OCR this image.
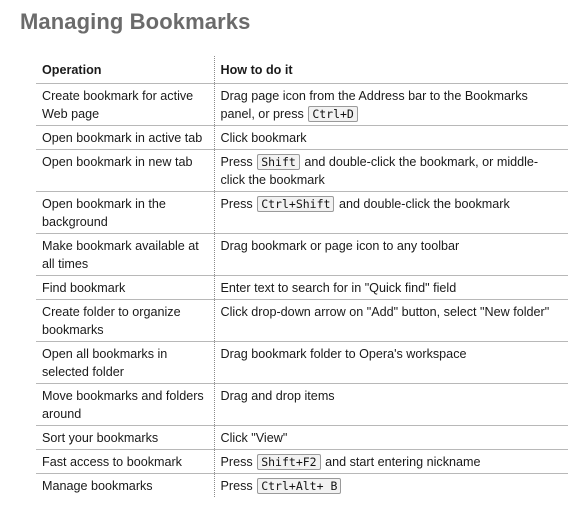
Managing Bookmarks
Operation	How to do it
Create bookmark for active Web page	Drag page icon from the Address bar to the Bookmarks panel, or press Ctrl+D
Open bookmark in active tab	Click bookmark
Open bookmark in new tab	Press Shift and double-click the bookmark, or middle-click the bookmark
Open bookmark in the background	Press Ctrl+Shift and double-click the bookmark
Make bookmark available at all times	Drag bookmark or page icon to any toolbar
Find bookmark	Enter text to search for in "Quick find" field
Create folder to organize bookmarks	Click drop-down arrow on "Add" button, select "New folder"
Open all bookmarks in selected folder	Drag bookmark folder to Opera's workspace
Move bookmarks and folders around	Drag and drop items
Sort your bookmarks	Click "View"
Fast access to bookmark	Press Shift+F2 and start entering nickname
Manage bookmarks	Press Ctrl+Alt+ B
